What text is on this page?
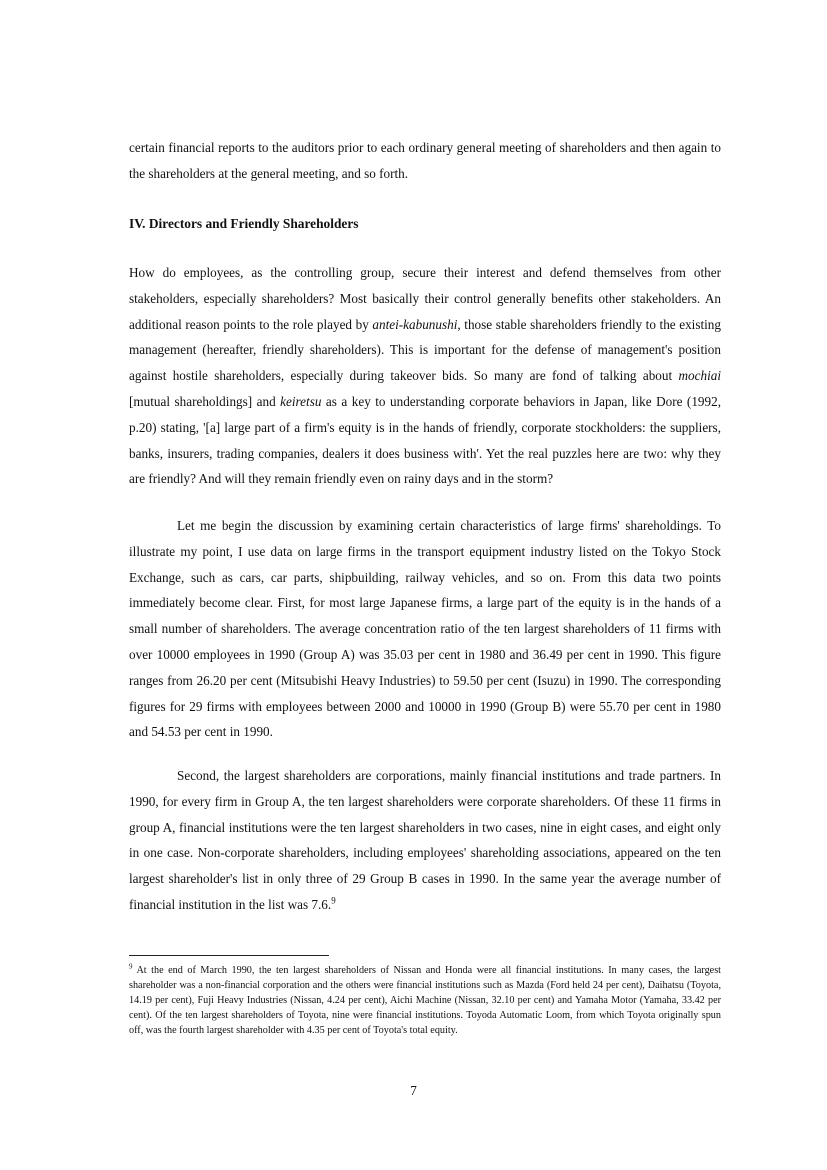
certain financial reports to the auditors prior to each ordinary general meeting of shareholders and then again to the shareholders at the general meeting, and so forth.

IV. Directors and Friendly Shareholders

How do employees, as the controlling group, secure their interest and defend themselves from other stakeholders, especially shareholders? Most basically their control generally benefits other stakeholders. An additional reason points to the role played by antei-kabunushi, those stable shareholders friendly to the existing management (hereafter, friendly shareholders). This is important for the defense of management's position against hostile shareholders, especially during takeover bids. So many are fond of talking about mochiai [mutual shareholdings] and keiretsu as a key to understanding corporate behaviors in Japan, like Dore (1992, p.20) stating, '[a] large part of a firm's equity is in the hands of friendly, corporate stockholders: the suppliers, banks, insurers, trading companies, dealers it does business with'. Yet the real puzzles here are two: why they are friendly? And will they remain friendly even on rainy days and in the storm?

Let me begin the discussion by examining certain characteristics of large firms' shareholdings. To illustrate my point, I use data on large firms in the transport equipment industry listed on the Tokyo Stock Exchange, such as cars, car parts, shipbuilding, railway vehicles, and so on. From this data two points immediately become clear. First, for most large Japanese firms, a large part of the equity is in the hands of a small number of shareholders. The average concentration ratio of the ten largest shareholders of 11 firms with over 10000 employees in 1990 (Group A) was 35.03 per cent in 1980 and 36.49 per cent in 1990. This figure ranges from 26.20 per cent (Mitsubishi Heavy Industries) to 59.50 per cent (Isuzu) in 1990. The corresponding figures for 29 firms with employees between 2000 and 10000 in 1990 (Group B) were 55.70 per cent in 1980 and 54.53 per cent in 1990.

Second, the largest shareholders are corporations, mainly financial institutions and trade partners. In 1990, for every firm in Group A, the ten largest shareholders were corporate shareholders. Of these 11 firms in group A, financial institutions were the ten largest shareholders in two cases, nine in eight cases, and eight only in one case. Non-corporate shareholders, including employees' shareholding associations, appeared on the ten largest shareholder's list in only three of 29 Group B cases in 1990. In the same year the average number of financial institution in the list was 7.6.$^9$

$^9$ At the end of March 1990, the ten largest shareholders of Nissan and Honda were all financial institutions. In many cases, the largest shareholder was a non-financial corporation and the others were financial institutions such as Mazda (Ford held 24 per cent), Daihatsu (Toyota, 14.19 per cent), Fuji Heavy Industries (Nissan, 4.24 per cent), Aichi Machine (Nissan, 32.10 per cent) and Yamaha Motor (Yamaha, 33.42 per cent). Of the ten largest shareholders of Toyota, nine were financial institutions. Toyoda Automatic Loom, from which Toyota originally spun off, was the fourth largest shareholder with 4.35 per cent of Toyota's total equity.

7
